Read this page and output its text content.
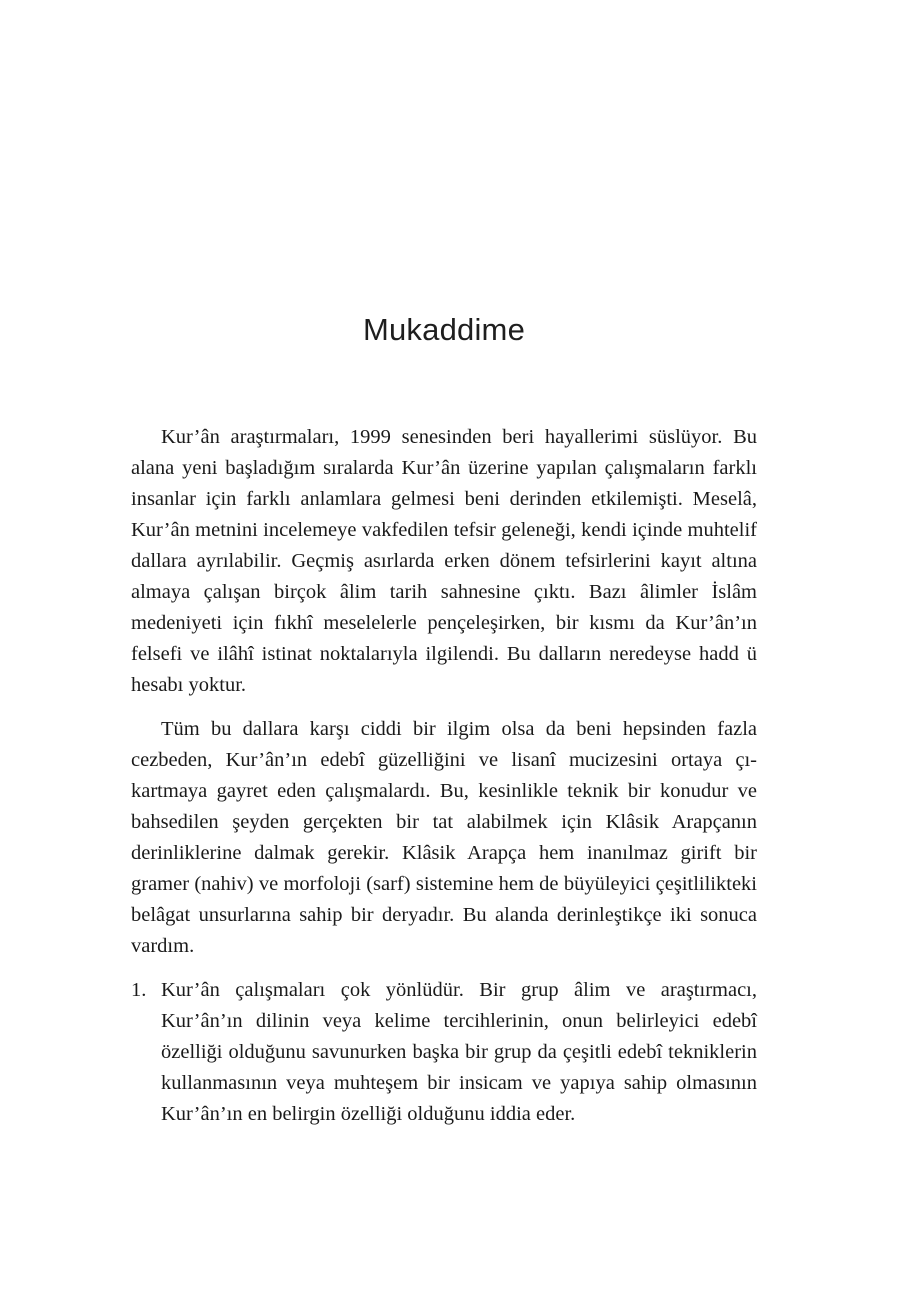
Mukaddime

Kur’ân araştırmaları, 1999 senesinden beri hayallerimi süslüyor. Bu alana yeni başladığım sıralarda Kur’ân üzerine yapılan çalışmaların farklı insanlar için farklı anlamlara gelmesi beni derinden etkilemişti. Meselâ, Kur’ân metnini incelemeye vakfedilen tefsir geleneği, kendi içinde muhtelif dallara ayrılabilir. Geçmiş asırlarda erken dönem tefsirlerini kayıt altına almaya çalışan birçok âlim tarih sahnesine çıktı. Bazı âlimler İslâm medeniyeti için fıkhî meselelerle pençeleşirken, bir kısmı da Kur’ân’ın felsefi ve ilâhî istinat noktalarıyla ilgilendi. Bu dalların neredeyse hadd ü hesabı yoktur.

Tüm bu dallara karşı ciddi bir ilgim olsa da beni hepsinden fazla cezbeden, Kur’ân’ın edebî güzelliğini ve lisanî mucizesini ortaya çıkartmaya gayret eden çalışmalardı. Bu, kesinlikle teknik bir konudur ve bahsedilen şeyden gerçekten bir tat alabilmek için Klâsik Arapçanın derinliklerine dalmak gerekir. Klâsik Arapça hem inanılmaz girift bir gramer (nahiv) ve morfoloji (sarf) sistemine hem de büyüleyici çeşitlilikteki belâgat unsurlarına sahip bir deryadır. Bu alanda derinleştikçe iki sonuca vardım.

1. Kur’ân çalışmaları çok yönlüdür. Bir grup âlim ve araştırmacı, Kur’ân’ın dilinin veya kelime tercihlerinin, onun belirleyici edebî özelliği olduğunu savunurken başka bir grup da çeşitli edebî tekniklerin kullanmasının veya muhteşem bir insicam ve yapıya sahip olmasının Kur’ân’ın en belirgin özelliği olduğunu iddia eder.
